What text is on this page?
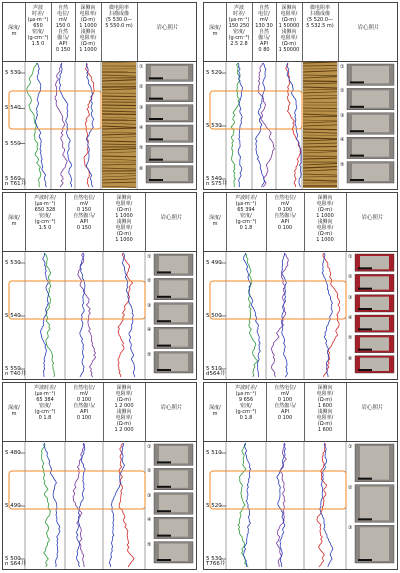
深度/
m
声波
时差/
(μs·m⁻¹)
650
密度/
(g·cm⁻³)
1.5 0
自然
电位/
mV
150 0
自然
伽马/
API
0 150
深侧向
电阻率/
(Ω·m)
1 1000
浅侧向
电阻率/
(Ω·m)
1 1000
微电阻率
扫描成像
(5 530.0—
5 550.0 m)	岩心照片
5 530
5 540
5 550
5 560
①
②
③
④
⑤
⑥
n T61井
深度/
m
声波
时差/
(μs·m⁻¹)
150 250
密度/
(g·cm⁻³)
2.5 2.8
自然
电位/
mV
130 30
自然
伽马/
API
0 80
深侧向
电阻率/
(Ω·m)
1 50000
浅侧向
电阻率/
(Ω·m)
1 50000
微电阻率
扫描成像
(5 520.0—
5 532.5 m)	岩心照片
5 520
5 530
5 540
①
②
③
④
⑤
n S75井
深度/
m
声波时差/
(μs·m⁻¹)
650 328
密度/
(g·cm⁻³)
1.5 0
自然电位/
mV
0 150
自然伽马/
API
0 150
深侧向
电阻率/
(Ω·m)
1 1000
浅侧向
电阻率/
(Ω·m)
1 1000
岩心照片
5 530
5 540
5 550
①
②
③
④
⑤
n T40井
深度/
m
声波时差/
(μs·m⁻¹)
65 394
密度/
(g·cm⁻³)
0 1.8
自然电位/
mV
0 100
自然伽马/
API
0 100
深侧向
电阻率/
(Ω·m)
1 1000
浅侧向
电阻率/
(Ω·m)
1 1000
岩心照片
5 490
5 500
5 510
①
②
③
④
⑤
⑥
d564井
深度/
m
声波时差/
(μs·m⁻¹)
65 384
密度/
(g·cm⁻³)
0 1.8
自然电位/
mV
0 100
自然伽马/
API
0 100
深侧向
电阻率/
(Ω·m)
1 2 000
浅侧向
电阻率/
(Ω·m)
1 2 000
岩心照片
5 480
5 490
5 500
①
②
③
④
⑤
n S64井
深度/
m
声波时差/
(μs·m⁻¹)
9 656
密度/
(g·cm⁻³)
0 1.8
自然电位/
mV
0 100
自然伽马/
API
0 100
深侧向
电阻率/
(Ω·m)
1 600
浅侧向
电阻率/
(Ω·m)
1 600
岩心照片
5 510
5 520
5 530
①
②
③
T766井
